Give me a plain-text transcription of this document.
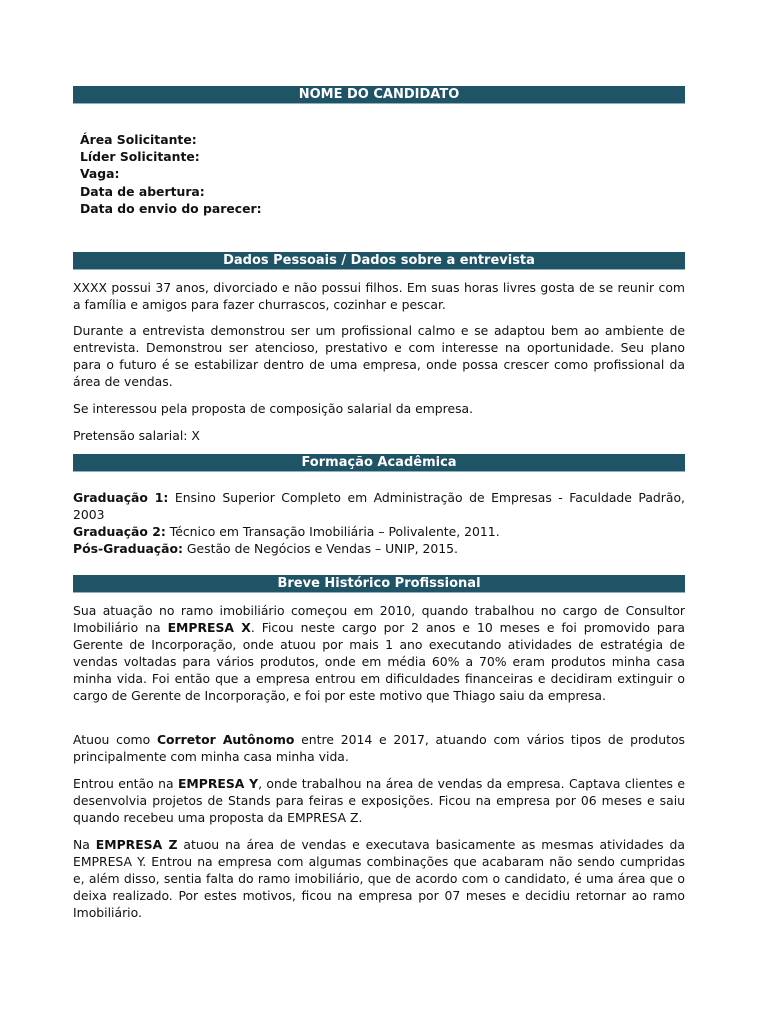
NOME DO CANDIDATO
Área Solicitante:
Líder Solicitante:
Vaga:
Data de abertura:
Data do envio do parecer:
Dados Pessoais / Dados sobre a entrevista

XXXX possui 37 anos, divorciado e não possui filhos. Em suas horas livres gosta de se reunir com a família e amigos para fazer churrascos, cozinhar e pescar.

Durante a entrevista demonstrou ser um profissional calmo e se adaptou bem ao ambiente de entrevista. Demonstrou ser atencioso, prestativo e com interesse na oportunidade. Seu plano para o futuro é se estabilizar dentro de uma empresa, onde possa crescer como profissional da área de vendas.

Se interessou pela proposta de composição salarial da empresa.

Pretensão salarial: X

Formação Acadêmica

Graduação 1: Ensino Superior Completo em Administração de Empresas - Faculdade Padrão, 2003

Graduação 2: Técnico em Transação Imobiliária – Polivalente, 2011.

Pós-Graduação: Gestão de Negócios e Vendas – UNIP, 2015.

Breve Histórico Profissional

Sua atuação no ramo imobiliário começou em 2010, quando trabalhou no cargo de Consultor Imobiliário na EMPRESA X. Ficou neste cargo por 2 anos e 10 meses e foi promovido para Gerente de Incorporação, onde atuou por mais 1 ano executando atividades de estratégia de vendas voltadas para vários produtos, onde em média 60% a 70% eram produtos minha casa minha vida. Foi então que a empresa entrou em dificuldades financeiras e decidiram extinguir o cargo de Gerente de Incorporação, e foi por este motivo que Thiago saiu da empresa.

Atuou como Corretor Autônomo entre 2014 e 2017, atuando com vários tipos de produtos principalmente com minha casa minha vida.

Entrou então na EMPRESA Y, onde trabalhou na área de vendas da empresa. Captava clientes e desenvolvia projetos de Stands para feiras e exposições. Ficou na empresa por 06 meses e saiu quando recebeu uma proposta da EMPRESA Z.

Na EMPRESA Z atuou na área de vendas e executava basicamente as mesmas atividades da EMPRESA Y. Entrou na empresa com algumas combinações que acabaram não sendo cumpridas e, além disso, sentia falta do ramo imobiliário, que de acordo com o candidato, é uma área que o deixa realizado. Por estes motivos, ficou na empresa por 07 meses e decidiu retornar ao ramo Imobiliário.
